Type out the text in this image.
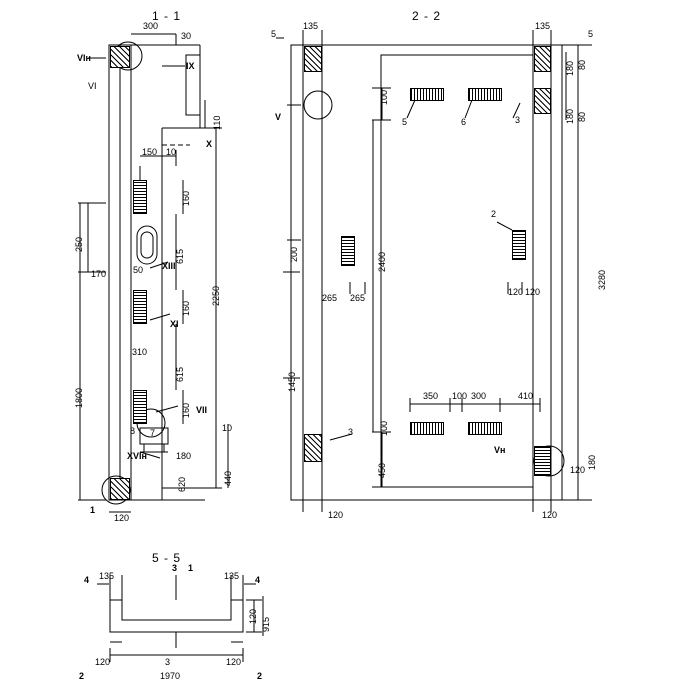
1 - 1	2 - 2
5 - 5
300
30
VIн
IX
X
VI
150 10
160
615
50
160
310
615
160
180
620	440
120
110
10
2250
250
170
1800
XIII
XI
VII
XVIн
1
7
8
135
5
135
5
180 80
180 80
3280
120 180
100
200	2400
1450
100
450
120	120
5	6	3
2
3
V
Vн
350 100 300	410
265 265
120 120
4 135
3 1
135 4
120
915
120	120
3
1970
2	2
